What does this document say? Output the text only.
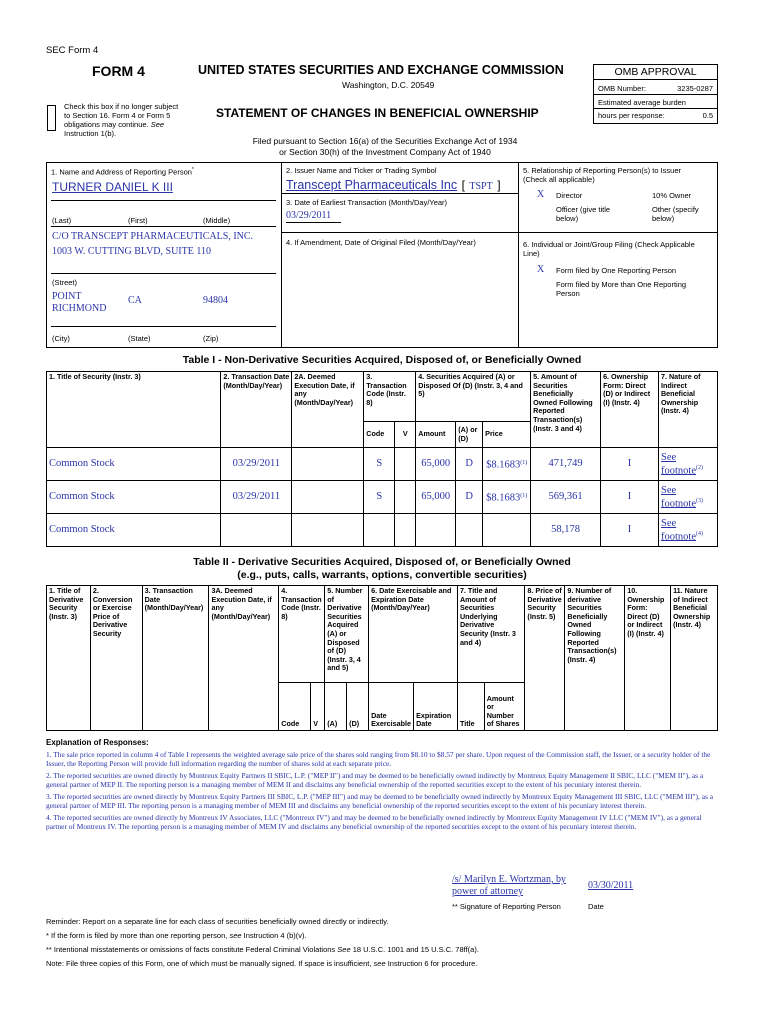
SEC Form 4
FORM 4	UNITED STATES SECURITIES AND EXCHANGE COMMISSION
Washington, D.C. 20549
Check this box if no longer subject to Section 16. Form 4 or Form 5 obligations may continue. See Instruction 1(b).
STATEMENT OF CHANGES IN BENEFICIAL OWNERSHIP
Filed pursuant to Section 16(a) of the Securities Exchange Act of 1934
or Section 30(h) of the Investment Company Act of 1940
OMB APPROVAL
OMB Number:	3235-0287
Estimated average burden
hours per response:	0.5
1. Name and Address of Reporting Person*
TURNER DANIEL K III
(Last)	(First)	(Middle)
C/O TRANSCEPT PHARMACEUTICALS, INC.
1003 W. CUTTING BLVD, SUITE 110
(Street)
POINT RICHMOND
CA	94804
(City)	(State)	(Zip)
2. Issuer Name and Ticker or Trading Symbol
Transcept Pharmaceuticals Inc [ TSPT ]
3. Date of Earliest Transaction (Month/Day/Year)
03/29/2011
4. If Amendment, Date of Original Filed (Month/Day/Year)
5. Relationship of Reporting Person(s) to Issuer
(Check all applicable)
X Director	10% Owner
Officer (give title below)
Other (specify below)
6. Individual or Joint/Group Filing (Check Applicable Line)
X Form filed by One Reporting Person
Form filed by More than One Reporting Person
Table I - Non-Derivative Securities Acquired, Disposed of, or Beneficially Owned
1. Title of Security (Instr. 3)	2. Transaction Date (Month/Day/Year)	2A. Deemed Execution Date, if any (Month/Day/Year)	3. Transaction Code (Instr. 8)		4. Securities Acquired (A) or Disposed Of (D) (Instr. 3, 4 and 5)			5. Amount of Securities Beneficially Owned Following Reported Transaction(s) (Instr. 3 and 4)	6. Ownership Form: Direct (D) or Indirect (I) (Instr. 4)	7. Nature of Indirect Beneficial Ownership (Instr. 4)
			Code	V	Amount	(A) or (D)	Price			
Common Stock	03/29/2011		S		65,000	D	$8.1683$^{(1)}$	471,749	I	See
footnote$^{(2)}$

Common Stock	03/29/2011		S		65,000	D	$8.1683$^{(1)}$	569,361	I	See
footnote$^{(3)}$

Common Stock								58,178	I	See
footnote$^{(4)}$
Table II - Derivative Securities Acquired, Disposed of, or Beneficially Owned
(e.g., puts, calls, warrants, options, convertible securities)
1. Title of Derivative Security (Instr. 3)	2. Conversion or Exercise Price of Derivative Security	3. Transaction Date (Month/Day/Year)	3A. Deemed Execution Date, if any (Month/Day/Year)	4. Transaction Code (Instr. 8)		5. Number of Derivative Securities Acquired (A) or Disposed of (D) (Instr. 3, 4 and 5)		6. Date Exercisable and Expiration Date (Month/Day/Year)		7. Title and Amount of Securities Underlying Derivative Security (Instr. 3 and 4)		8. Price of Derivative Security (Instr. 5)	9. Number of derivative Securities Beneficially Owned Following Reported Transaction(s) (Instr. 4)	10. Ownership Form: Direct (D) or Indirect (I) (Instr. 4)	11. Nature of Indirect Beneficial Ownership (Instr. 4)
				Code	V	(A)	(D)	Date Exercisable	Expiration Date	Title	Amount or Number of Shares				
Explanation of Responses:

1. The sale price reported in column 4 of Table I represents the weighted average sale price of the shares sold ranging from $8.10 to $8.57 per share. Upon request of the Commission staff, the Issuer, or a security holder of the Issuer, the Reporting Person will provide full information regarding the number of shares sold at each separate price.

2. The reported securities are owned directly by Montreux Equity Partners II SBIC, L.P. ("MEP II") and may be deemed to be beneficially owned indirectly by Montreux Equity Management II SBIC, LLC ("MEM II"), as a general partner of MEP II. The reporting person is a managing member of MEM II and disclaims any beneficial ownership of the reported securities except to the extent of his pecuniary interest therein.

3. The reported securities are owned directly by Montreux Equity Partners III SBIC, L.P. ("MEP III") and may be deemed to be beneficially owned indirectly by Montreux Equity Management III SBIC, LLC ("MEM III"), as a general partner of MEP III. The reporting person is a managing member of MEM III and disclaims any beneficial ownership of the reported securities except to the extent of his pecuniary interest therein.

4. The reported securities are owned directly by Montreux IV Associates, LLC ("Montreux IV") and may be deemed to be beneficially owned indirectly by Montreux Equity Management IV LLC ("MEM IV"), as a general partner of Montreux IV. The reporting person is a managing member of MEM IV and disclaims any beneficial ownership of the reported securities except to the extent of his pecuniary interest therein.

/s/ Marilyn E. Wortzman, by power of attorney
03/30/2011
** Signature of Reporting Person	Date
Reminder: Report on a separate line for each class of securities beneficially owned directly or indirectly.
* If the form is filed by more than one reporting person, see Instruction 4 (b)(v).
** Intentional misstatements or omissions of facts constitute Federal Criminal Violations See 18 U.S.C. 1001 and 15 U.S.C. 78ff(a).
Note: File three copies of this Form, one of which must be manually signed. If space is insufficient, see Instruction 6 for procedure.
